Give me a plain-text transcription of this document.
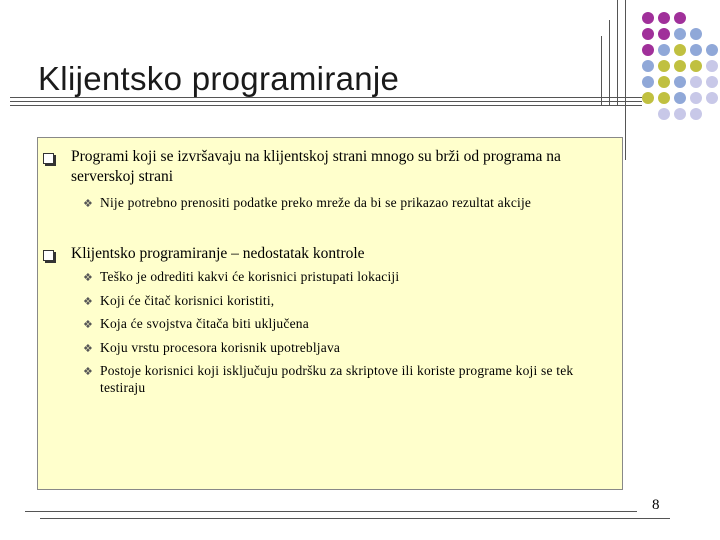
Klijentsko programiranje
Programi koji se izvršavaju na klijentskoj strani mnogo su brži od programa na serverskoj strani
❖ Nije potrebno prenositi podatke preko mreže da bi se prikazao rezultat akcije
Klijentsko programiranje – nedostatak kontrole
❖ Teško je odrediti kakvi će korisnici pristupati lokaciji
❖ Koji će čitač korisnici koristiti,
❖ Koja će svojstva čitača biti uključena
❖ Koju vrstu procesora korisnik upotrebljava
❖ Postoje korisnici koji isključuju podršku za skriptove ili koriste programe koji se tek testiraju
8
